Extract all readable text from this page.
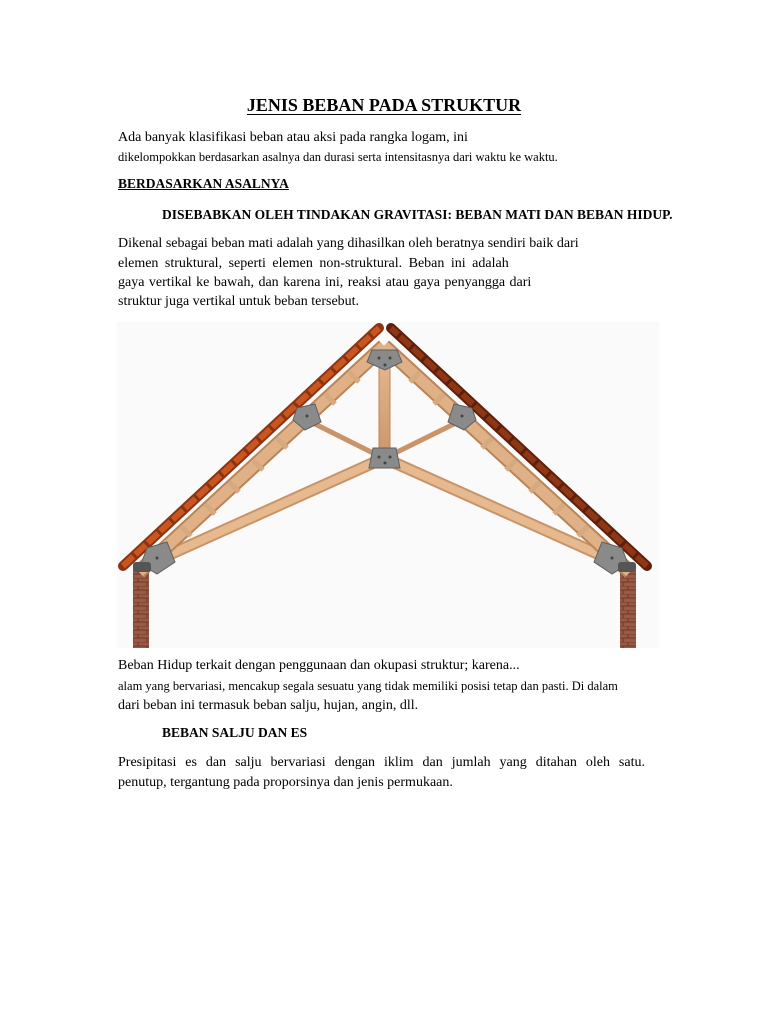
JENIS BEBAN PADA STRUKTUR
Ada banyak klasifikasi beban atau aksi pada rangka logam, ini
dikelompokkan berdasarkan asalnya dan durasi serta intensitasnya dari waktu ke waktu.
BERDASARKAN ASALNYA
DISEBABKAN OLEH TINDAKAN GRAVITASI: BEBAN MATI DAN BEBAN HIDUP.
Dikenal sebagai beban mati adalah yang dihasilkan oleh beratnya sendiri baik dari
elemen struktural, seperti elemen non-struktural. Beban ini adalah
gaya vertikal ke bawah, dan karena ini, reaksi atau gaya penyangga dari
struktur juga vertikal untuk beban tersebut.
Beban Hidup terkait dengan penggunaan dan okupasi struktur; karena...
alam yang bervariasi, mencakup segala sesuatu yang tidak memiliki posisi tetap dan pasti. Di dalam
dari beban ini termasuk beban salju, hujan, angin, dll.
BEBAN SALJU DAN ES
Presipitasi es dan salju bervariasi dengan iklim dan jumlah yang ditahan oleh satu.
penutup, tergantung pada proporsinya dan jenis permukaan.
